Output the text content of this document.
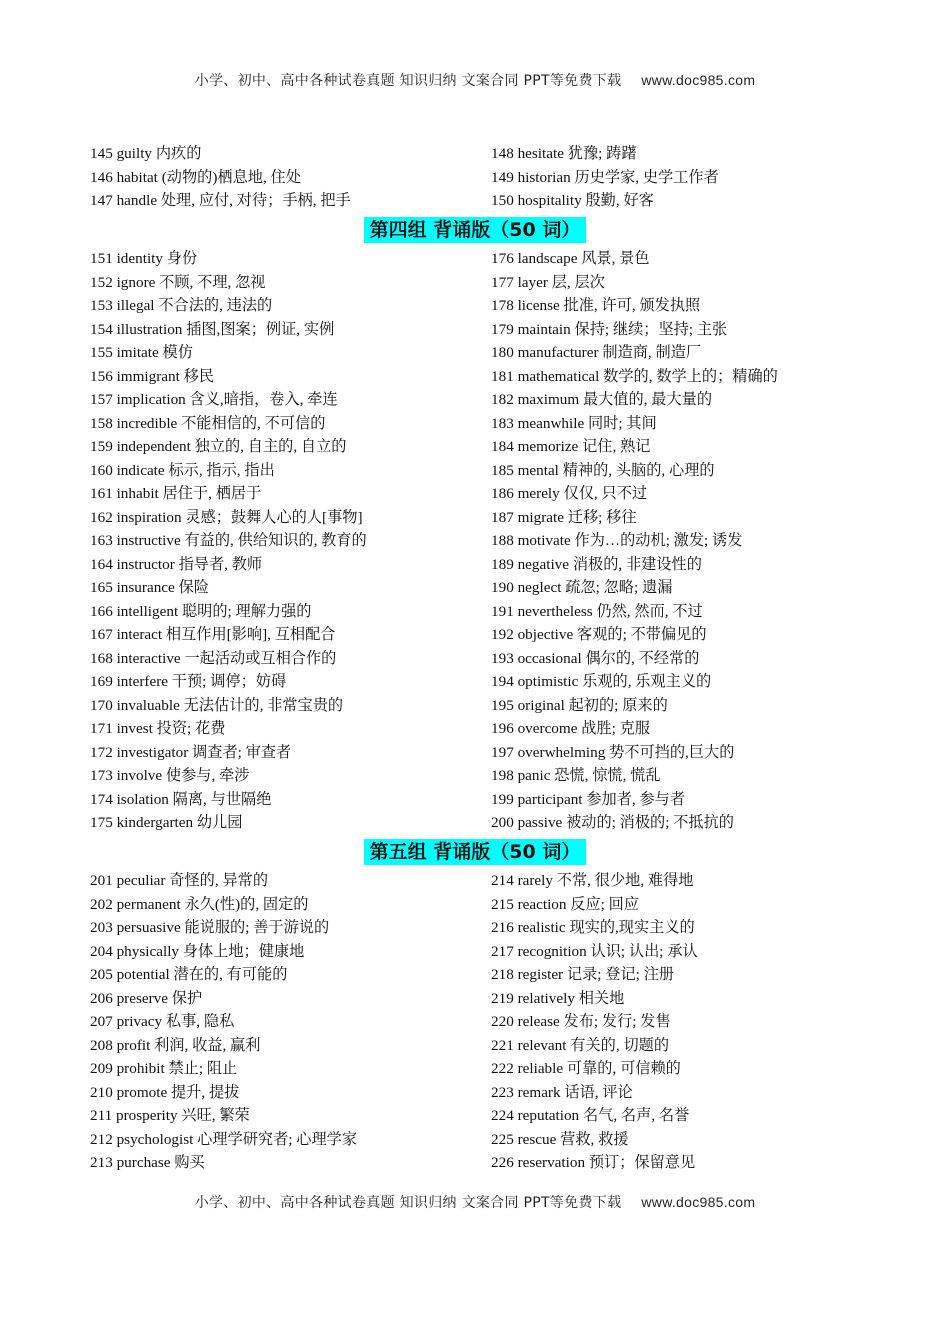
小学、初中、高中各种试卷真题 知识归纳 文案合同 PPT等免费下载 www.doc985.com
145 guilty 内疚的
146 habitat (动物的)栖息地, 住处
147 handle 处理, 应付, 对待；手柄, 把手
148 hesitate 犹豫; 踌躇
149 historian 历史学家, 史学工作者
150 hospitality 殷勤, 好客
第四组 背诵版（50 词）
151 identity 身份
152 ignore 不顾, 不理, 忽视
153 illegal 不合法的, 违法的
154 illustration 插图,图案；例证, 实例
155 imitate 模仿
156 immigrant 移民
157 implication 含义,暗指，卷入, 牵连
158 incredible 不能相信的, 不可信的
159 independent 独立的, 自主的, 自立的
160 indicate 标示, 指示, 指出
161 inhabit 居住于, 栖居于
162 inspiration 灵感；鼓舞人心的人[事物]
163 instructive 有益的, 供给知识的, 教育的
164 instructor 指导者, 教师
165 insurance 保险
166 intelligent 聪明的; 理解力强的
167 interact 相互作用[影响], 互相配合
168 interactive 一起活动或互相合作的
169 interfere 干预; 调停；妨碍
170 invaluable 无法估计的, 非常宝贵的
171 invest 投资; 花费
172 investigator 调查者; 审查者
173 involve 使参与, 牵涉
174 isolation 隔离, 与世隔绝
175 kindergarten 幼儿园
176 landscape 风景, 景色
177 layer 层, 层次
178 license 批准, 许可, 颁发执照
179 maintain 保持; 继续；坚持; 主张
180 manufacturer 制造商, 制造厂
181 mathematical 数学的, 数学上的；精确的
182 maximum 最大值的, 最大量的
183 meanwhile 同时; 其间
184 memorize 记住, 熟记
185 mental 精神的, 头脑的, 心理的
186 merely 仅仅, 只不过
187 migrate 迁移; 移往
188 motivate 作为…的动机; 激发; 诱发
189 negative 消极的, 非建设性的
190 neglect 疏忽; 忽略; 遗漏
191 nevertheless 仍然, 然而, 不过
192 objective 客观的; 不带偏见的
193 occasional 偶尔的, 不经常的
194 optimistic 乐观的, 乐观主义的
195 original 起初的; 原来的
196 overcome 战胜; 克服
197 overwhelming 势不可挡的,巨大的
198 panic 恐慌, 惊慌, 慌乱
199 participant 参加者, 参与者
200 passive 被动的; 消极的; 不抵抗的
第五组 背诵版（50 词）
201 peculiar 奇怪的, 异常的
202 permanent 永久(性)的, 固定的
203 persuasive 能说服的; 善于游说的
204 physically 身体上地；健康地
205 potential 潜在的, 有可能的
206 preserve 保护
207 privacy 私事, 隐私
208 profit 利润, 收益, 赢利
209 prohibit 禁止; 阻止
210 promote 提升, 提拔
211 prosperity 兴旺, 繁荣
212 psychologist 心理学研究者; 心理学家
213 purchase 购买
214 rarely 不常, 很少地, 难得地
215 reaction 反应; 回应
216 realistic 现实的,现实主义的
217 recognition 认识; 认出; 承认
218 register 记录; 登记; 注册
219 relatively 相关地
220 release 发布; 发行; 发售
221 relevant 有关的, 切题的
222 reliable 可靠的, 可信赖的
223 remark 话语, 评论
224 reputation 名气, 名声, 名誉
225 rescue 营救, 救援
226 reservation 预订；保留意见
小学、初中、高中各种试卷真题 知识归纳 文案合同 PPT等免费下载 www.doc985.com
